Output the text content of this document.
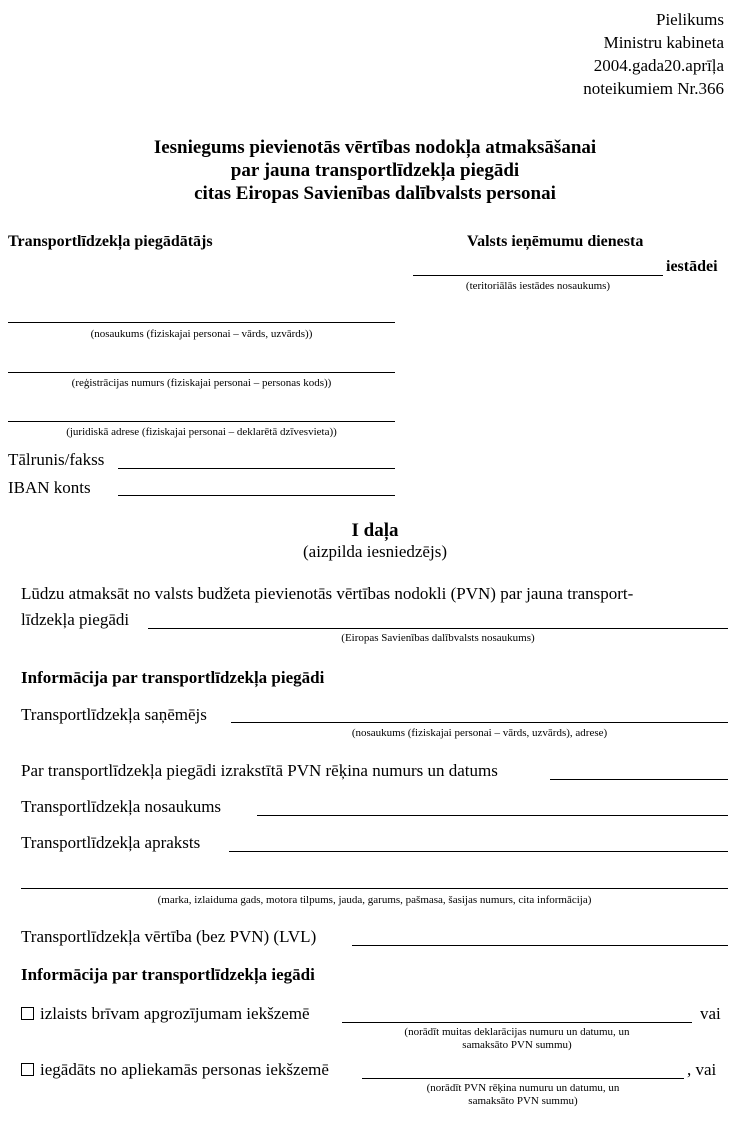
Pielikums
Ministru kabineta
2004.gada20.aprīļa
noteikumiem Nr.366
Iesniegums pievienotās vērtības nodokļa atmaksāšanai
par jauna transportlīdzekļa piegādi
citas Eiropas Savienības dalībvalsts personai
Transportlīdzekļa piegādātājs	Valsts ieņēmumu dienesta
iestādei
(teritoriālās iestādes nosaukums)
(nosaukums (fiziskajai personai – vārds, uzvārds))
(reģistrācijas numurs (fiziskajai personai – personas kods))
(juridiskā adrese (fiziskajai personai – deklarētā dzīvesvieta))
Tālrunis/fakss
IBAN konts
I daļa
(aizpilda iesniedzējs)
Lūdzu atmaksāt no valsts budžeta pievienotās vērtības nodokli (PVN) par jauna transport-
līdzekļa piegādi
(Eiropas Savienības dalībvalsts nosaukums)
Informācija par transportlīdzekļa piegādi
Transportlīdzekļa saņēmējs
(nosaukums (fiziskajai personai – vārds, uzvārds), adrese)
Par transportlīdzekļa piegādi izrakstītā PVN rēķina numurs un datums
Transportlīdzekļa nosaukums
Transportlīdzekļa apraksts
(marka, izlaiduma gads, motora tilpums, jauda, garums, pašmasa, šasijas numurs, cita informācija)
Transportlīdzekļa vērtība (bez PVN) (LVL)
Informācija par transportlīdzekļa iegādi
izlaists brīvam apgrozījumam iekšzemē	vai
(norādīt muitas deklarācijas numuru un datumu, un
samaksāto PVN summu)
iegādāts no apliekamās personas iekšzemē	, vai
(norādīt PVN rēķina numuru un datumu, un
samaksāto PVN summu)
